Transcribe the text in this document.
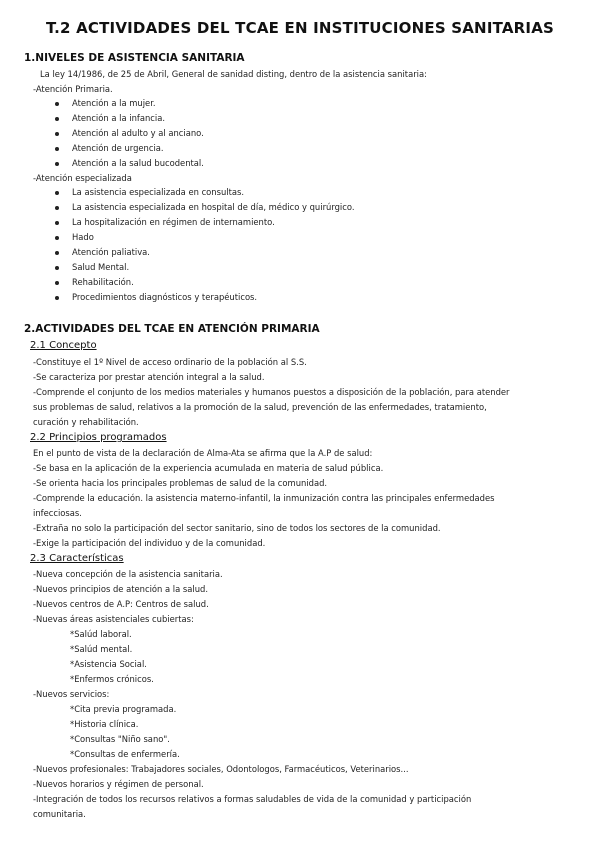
T.2 ACTIVIDADES DEL TCAE EN INSTITUCIONES SANITARIAS
1.NIVELES DE ASISTENCIA SANITARIA
La ley 14/1986, de 25 de Abril, General de sanidad disting, dentro de la asistencia sanitaria:
-Atención Primaria.
Atención a la mujer.
Atención a la infancia.
Atención al adulto y al anciano.
Atención de urgencia.
Atención a la salud bucodental.
-Atención especializada
La asistencia especializada en consultas.
La asistencia especializada en hospital de día, médico y quirúrgico.
La hospitalización en régimen de internamiento.
Hado
Atención paliativa.
Salud Mental.
Rehabilitación.
Procedimientos diagnósticos y terapéuticos.
2.ACTIVIDADES DEL TCAE EN ATENCIÓN PRIMARIA
2.1 Concepto
-Constituye el 1º Nivel de acceso ordinario de la población al S.S.
-Se caracteriza por prestar atención integral a la salud.
-Comprende el conjunto de los medios materiales y humanos puestos a disposición de la población, para atender
sus problemas de salud, relativos a la promoción de la salud, prevención de las enfermedades, tratamiento,
curación y rehabilitación.
2.2 Principios programados
En el punto de vista de la declaración de Alma-Ata se afirma que la A.P de salud:
-Se basa en la aplicación de la experiencia acumulada en materia de salud pública.
-Se orienta hacia los principales problemas de salud de la comunidad.
-Comprende la educación. la asistencia materno-infantil, la inmunización contra las principales enfermedades
infecciosas.
-Extraña no solo la participación del sector sanitario, sino de todos los sectores de la comunidad.
-Exige la participación del individuo y de la comunidad.
2.3 Características
-Nueva concepción de la asistencia sanitaria.
-Nuevos principios de atención a la salud.
-Nuevos centros de A.P: Centros de salud.
-Nuevas áreas asistenciales cubiertas:
*Salúd laboral.
*Salúd mental.
*Asistencia Social.
*Enfermos crónicos.
-Nuevos servicios:
*Cita previa programada.
*Historia clínica.
*Consultas "Niño sano".
*Consultas de enfermería.
-Nuevos profesionales: Trabajadores sociales, Odontologos, Farmacéuticos, Veterinarios...
-Nuevos horarios y régimen de personal.
-Integración de todos los recursos relativos a formas saludables de vida de la comunidad y participación
comunitaria.
